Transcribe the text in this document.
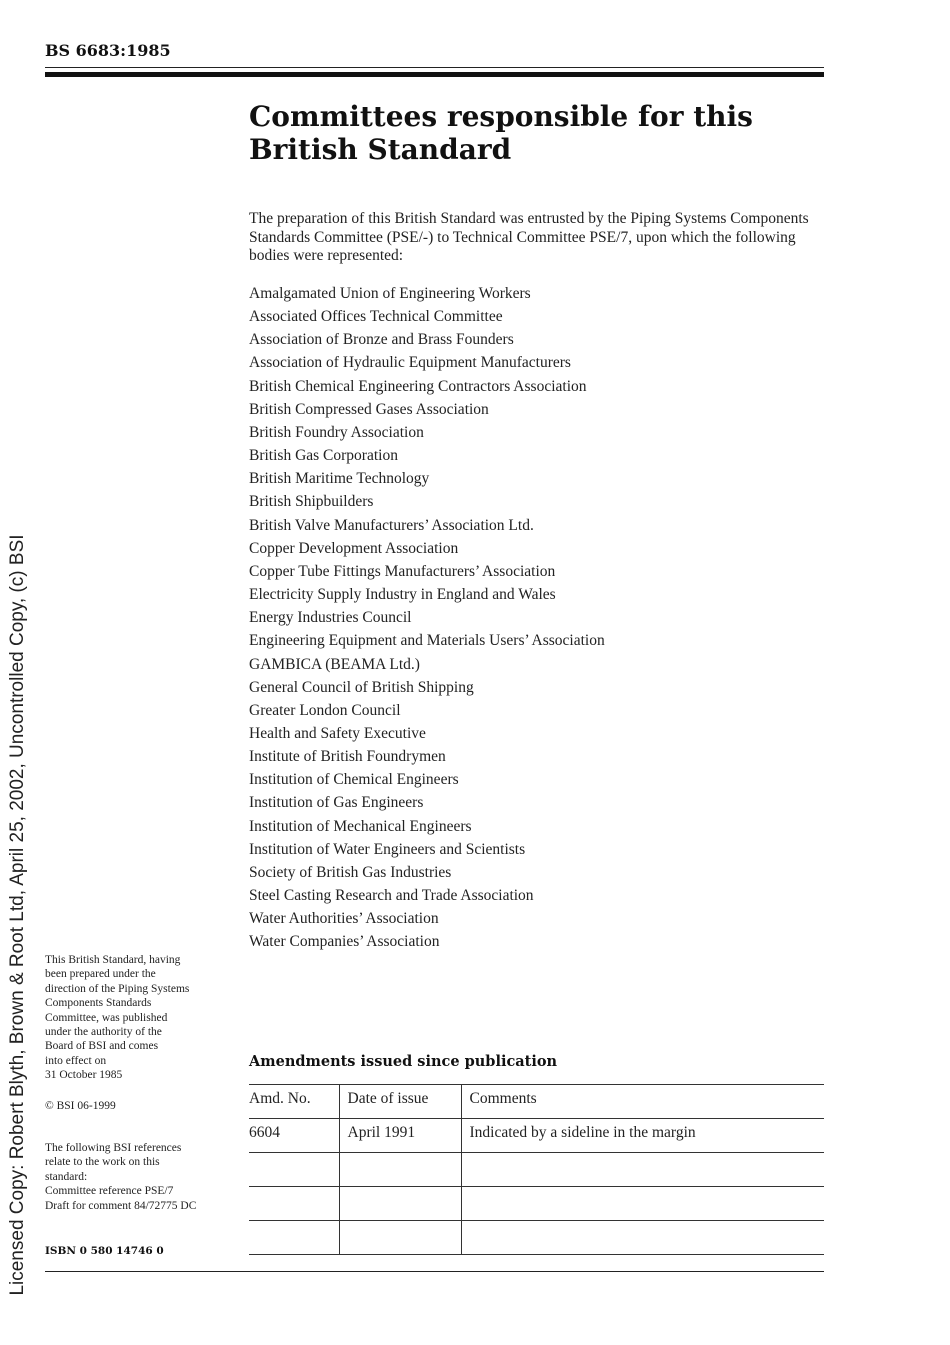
BS 6683:1985
Committees responsible for this
British Standard
The preparation of this British Standard was entrusted by the Piping Systems Components Standards Committee (PSE/-) to Technical Committee PSE/7, upon which the following bodies were represented:
Amalgamated Union of Engineering Workers
Associated Offices Technical Committee
Association of Bronze and Brass Founders
Association of Hydraulic Equipment Manufacturers
British Chemical Engineering Contractors Association
British Compressed Gases Association
British Foundry Association
British Gas Corporation
British Maritime Technology
British Shipbuilders
British Valve Manufacturers’ Association Ltd.
Copper Development Association
Copper Tube Fittings Manufacturers’ Association
Electricity Supply Industry in England and Wales
Energy Industries Council
Engineering Equipment and Materials Users’ Association
GAMBICA (BEAMA Ltd.)
General Council of British Shipping
Greater London Council
Health and Safety Executive
Institute of British Foundrymen
Institution of Chemical Engineers
Institution of Gas Engineers
Institution of Mechanical Engineers
Institution of Water Engineers and Scientists
Society of British Gas Industries
Steel Casting Research and Trade Association
Water Authorities’ Association
Water Companies’ Association
This British Standard, having
been prepared under the
direction of the Piping Systems
Components Standards
Committee, was published
under the authority of the
Board of BSI and comes
into effect on
31 October 1985
© BSI 06-1999
The following BSI references
relate to the work on this
standard:
Committee reference PSE/7
Draft for comment 84/72775 DC
ISBN 0 580 14746 0
Amendments issued since publication
Amd. No.	Date of issue	Comments
6604	April 1991	Indicated by a sideline in the margin

Licensed Copy: Robert Blyth, Brown & Root Ltd, April 25, 2002, Uncontrolled Copy, (c) BSI
